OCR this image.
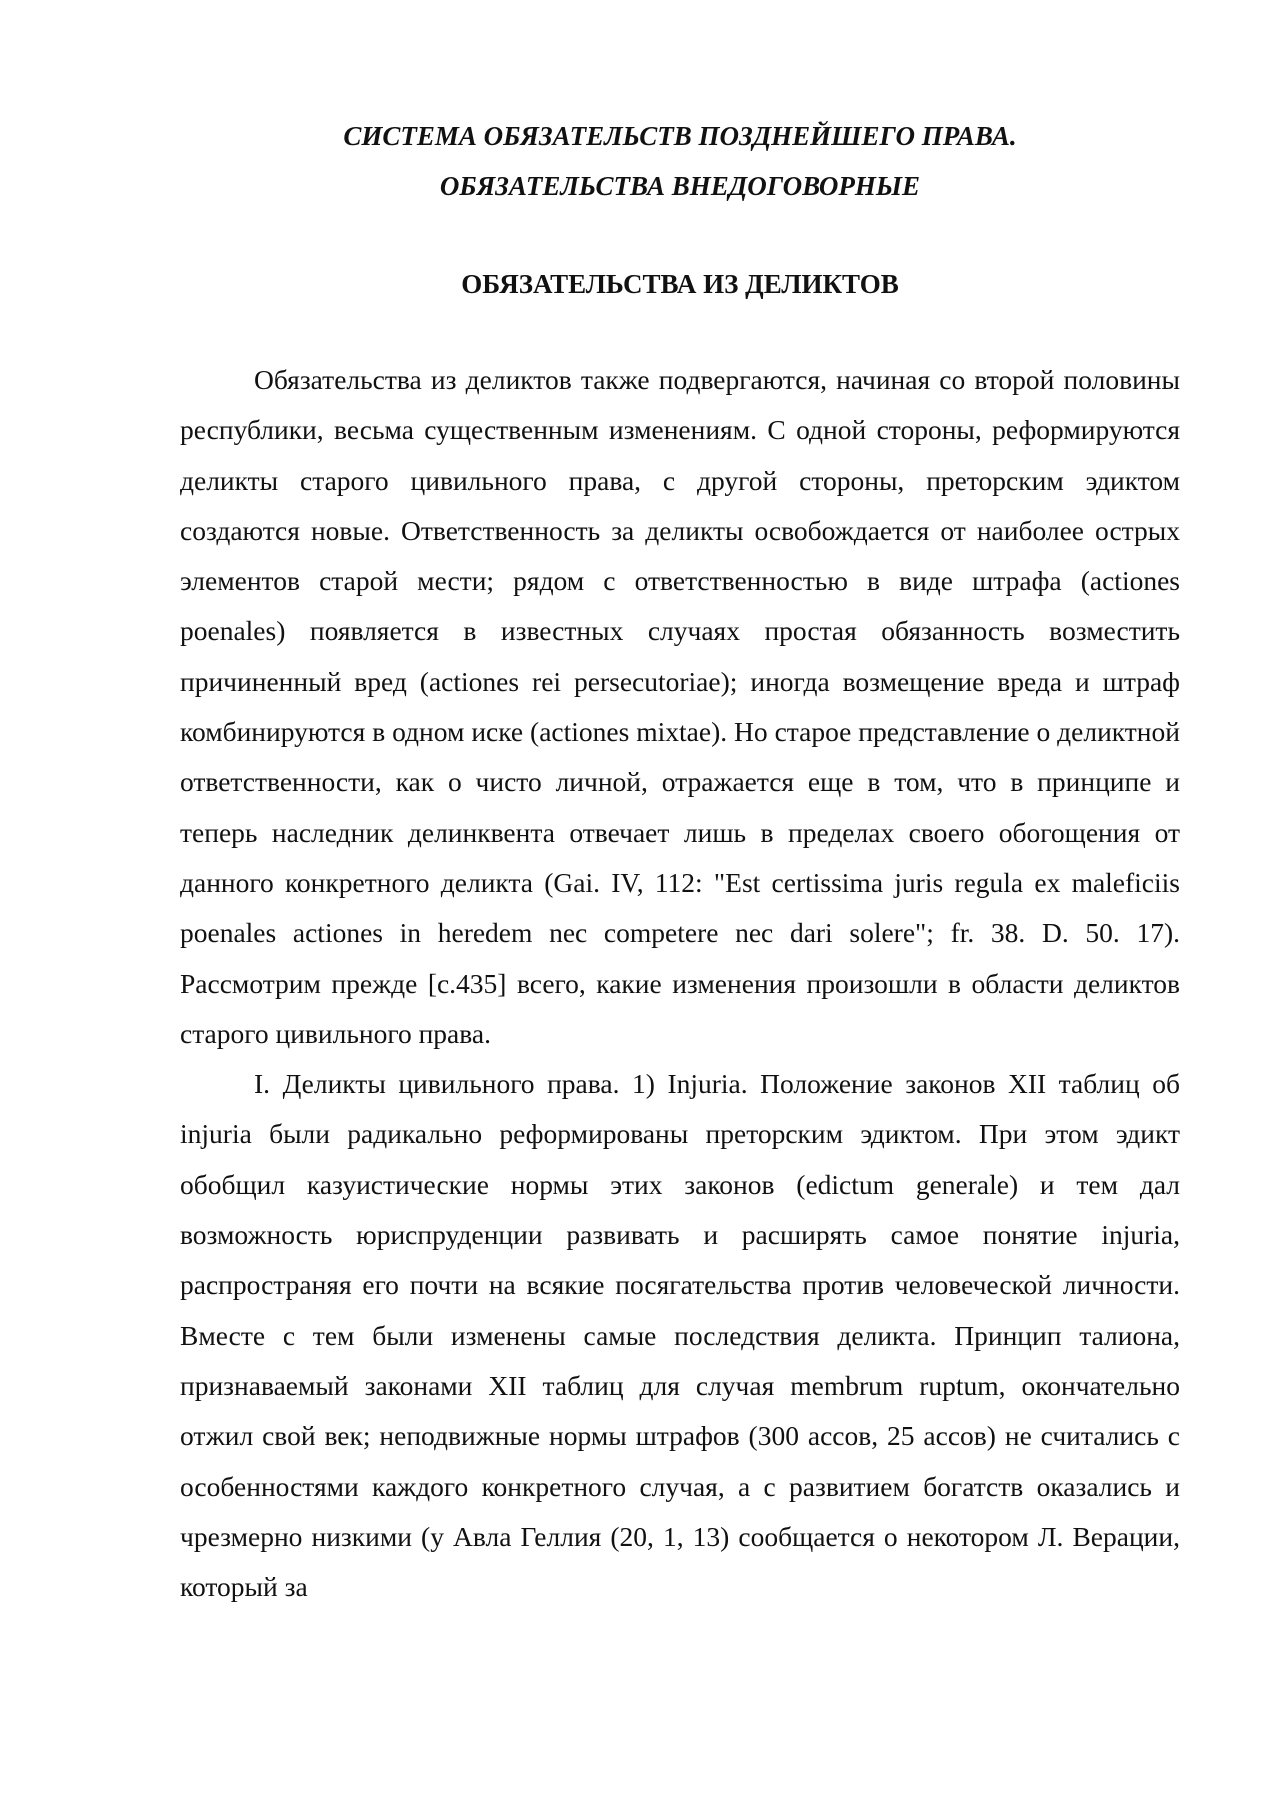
СИСТЕМА ОБЯЗАТЕЛЬСТВ ПОЗДНЕЙШЕГО ПРАВА.
ОБЯЗАТЕЛЬСТВА ВНЕДОГОВОРНЫЕ
ОБЯЗАТЕЛЬСТВА ИЗ ДЕЛИКТОВ

Обязательства из деликтов также подвергаются, начиная со второй половины республики, весьма существенным изменениям. С одной стороны, реформируются деликты старого цивильного права, с другой стороны, преторским эдиктом создаются новые. Ответственность за деликты освобождается от наиболее острых элементов старой мести; рядом с ответственностью в виде штрафа (actiones poenales) появляется в известных случаях простая обязанность возместить причиненный вред (actiones rei persecutoriae); иногда возмещение вреда и штраф комбинируются в одном иске (actiones mixtae). Но старое представление о деликтной ответственности, как о чисто личной, отражается еще в том, что в принципе и теперь наследник делинквента отвечает лишь в пределах своего обогощения от данного конкретного деликта (Gai. IV, 112: "Est certissima juris regula ex maleficiis poenales actiones in heredem nec competere nec dari solere"; fr. 38. D. 50. 17). Рассмотрим прежде [с.435] всего, какие изменения произошли в области деликтов старого цивильного права.

I. Деликты цивильного права. 1) Injuria. Положение законов XII таблиц об injuria были радикально реформированы преторским эдиктом. При этом эдикт обобщил казуистические нормы этих законов (edictum generale) и тем дал возможность юриспруденции развивать и расширять самое понятие injuria, распространяя его почти на всякие посягательства против человеческой личности. Вместе с тем были изменены самые последствия деликта. Принцип талиона, признаваемый законами XII таблиц для случая membrum ruptum, окончательно отжил свой век; неподвижные нормы штрафов (300 ассов, 25 ассов) не считались с особенностями каждого конкретного случая, а с развитием богатств оказались и чрезмерно низкими (у Авла Геллия (20, 1, 13) сообщается о некотором Л. Верации, который за
